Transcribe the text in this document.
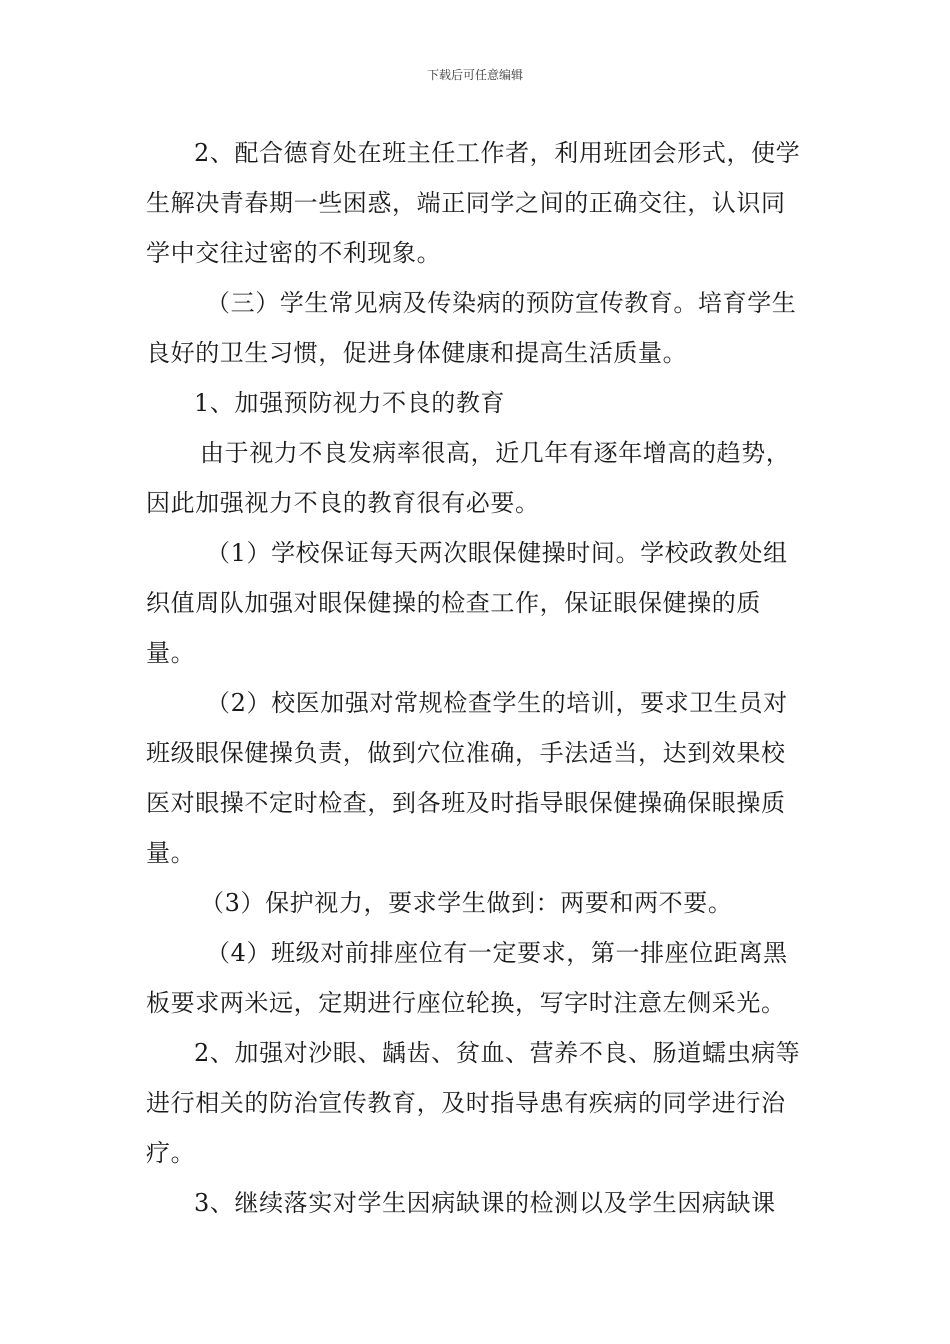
下载后可任意编辑

2、配合德育处在班主任工作者，利用班团会形式，使学生解决青春期一些困惑，端正同学之间的正确交往，认识同学中交往过密的不利现象。

（三）学生常见病及传染病的预防宣传教育。培育学生良好的卫生习惯，促进身体健康和提高生活质量。

1、加强预防视力不良的教育

由于视力不良发病率很高，近几年有逐年增高的趋势，因此加强视力不良的教育很有必要。

（1）学校保证每天两次眼保健操时间。学校政教处组织值周队加强对眼保健操的检查工作，保证眼保健操的质量。

（2）校医加强对常规检查学生的培训，要求卫生员对班级眼保健操负责，做到穴位准确，手法适当，达到效果校医对眼操不定时检查，到各班及时指导眼保健操确保眼操质量。

（3）保护视力，要求学生做到：两要和两不要。

（4）班级对前排座位有一定要求，第一排座位距离黑板要求两米远，定期进行座位轮换，写字时注意左侧采光。

2、加强对沙眼、龋齿、贫血、营养不良、肠道蠕虫病等进行相关的防治宣传教育，及时指导患有疾病的同学进行治疗。

3、继续落实对学生因病缺课的检测以及学生因病缺课
